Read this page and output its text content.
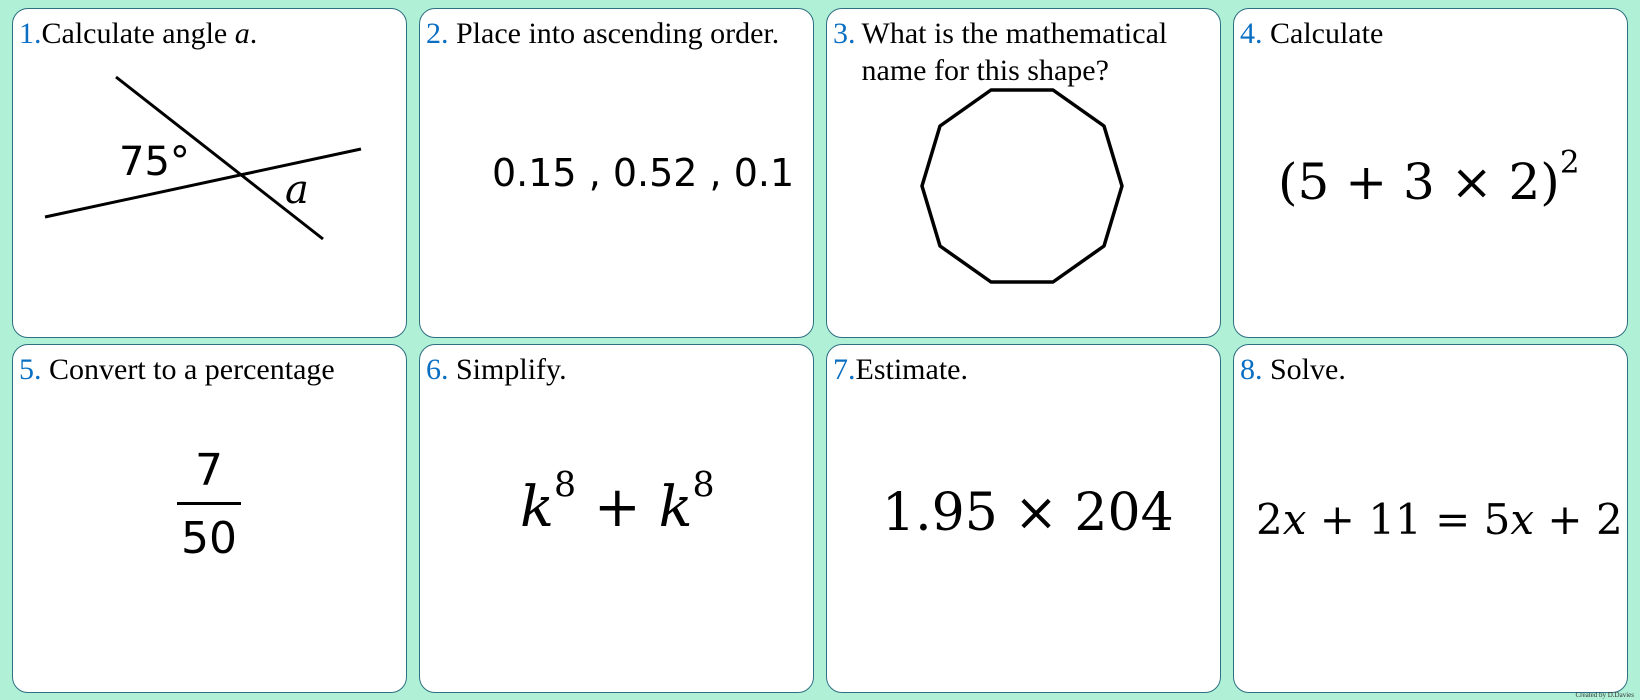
1.Calculate angle a.
75°
a
2. Place into ascending order.
0.15 , 0.52 , 0.1
3. What is the mathematical
name for this shape?
4. Calculate
$(5 + 3 \times 2)^2$
5. Convert to a percentage
$\frac{7}{50}$
6. Simplify.
$k^8 + k^8$
7.Estimate.
1.95 × 204
8. Solve.
2x + 11 = 5x + 2
Created by D.Davies
